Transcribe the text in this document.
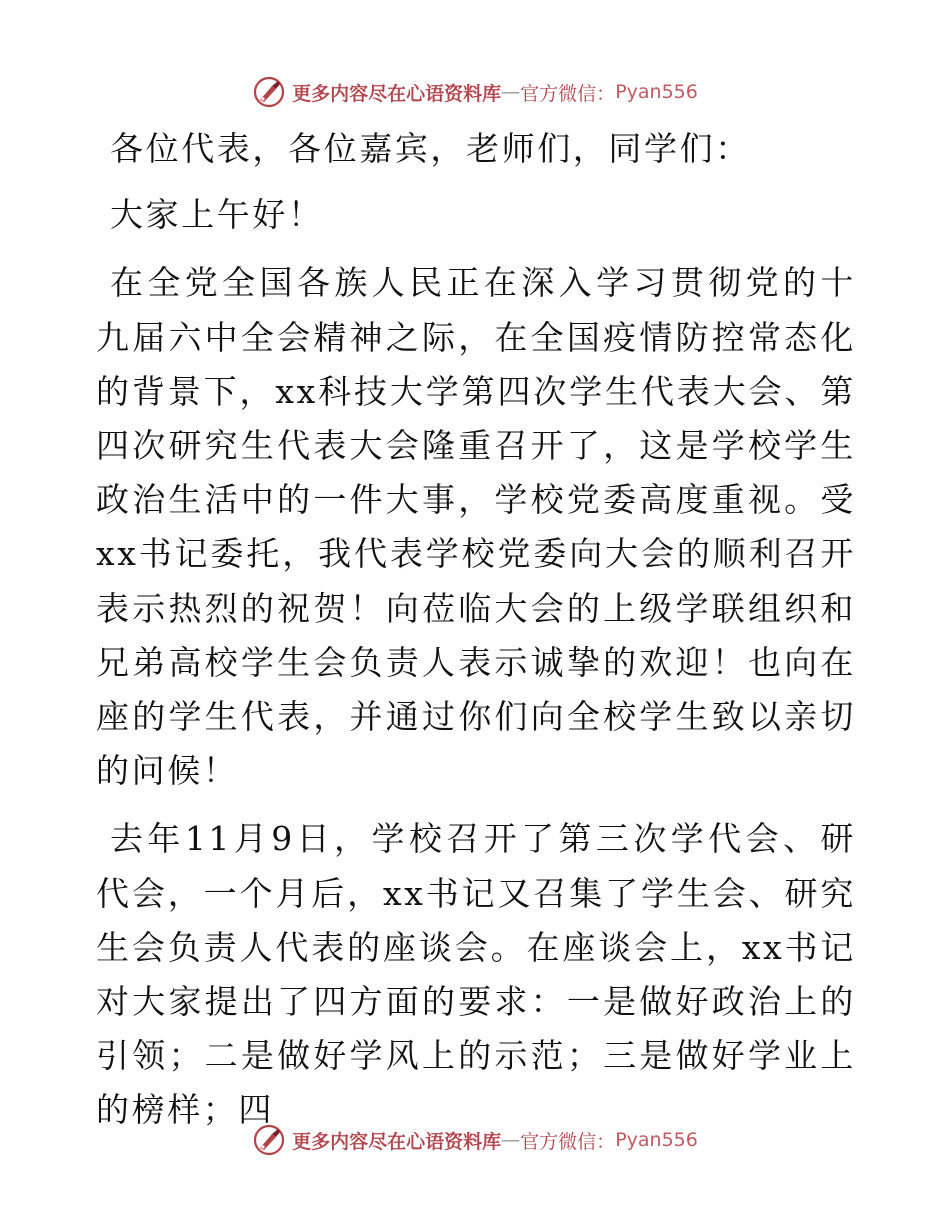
更多内容尽在心语资料库 — 官方微信： Pyan556

各位代表，各位嘉宾，老师们，同学们：

大家上午好！

在全党全国各族人民正在深入学习贯彻党的十九届六中全会精神之际，在全国疫情防控常态化的背景下，xx科技大学第四次学生代表大会、第四次研究生代表大会隆重召开了，这是学校学生政治生活中的一件大事，学校党委高度重视。受xx书记委托，我代表学校党委向大会的顺利召开表示热烈的祝贺！向莅临大会的上级学联组织和兄弟高校学生会负责人表示诚挚的欢迎！也向在座的学生代表，并通过你们向全校学生致以亲切的问候！

去年11月9日，学校召开了第三次学代会、研代会，一个月后，xx书记又召集了学生会、研究生会负责人代表的座谈会。在座谈会上，xx书记对大家提出了四方面的要求：一是做好政治上的引领；二是做好学风上的示范；三是做好学业上的榜样；四

更多内容尽在心语资料库 — 官方微信： Pyan556
